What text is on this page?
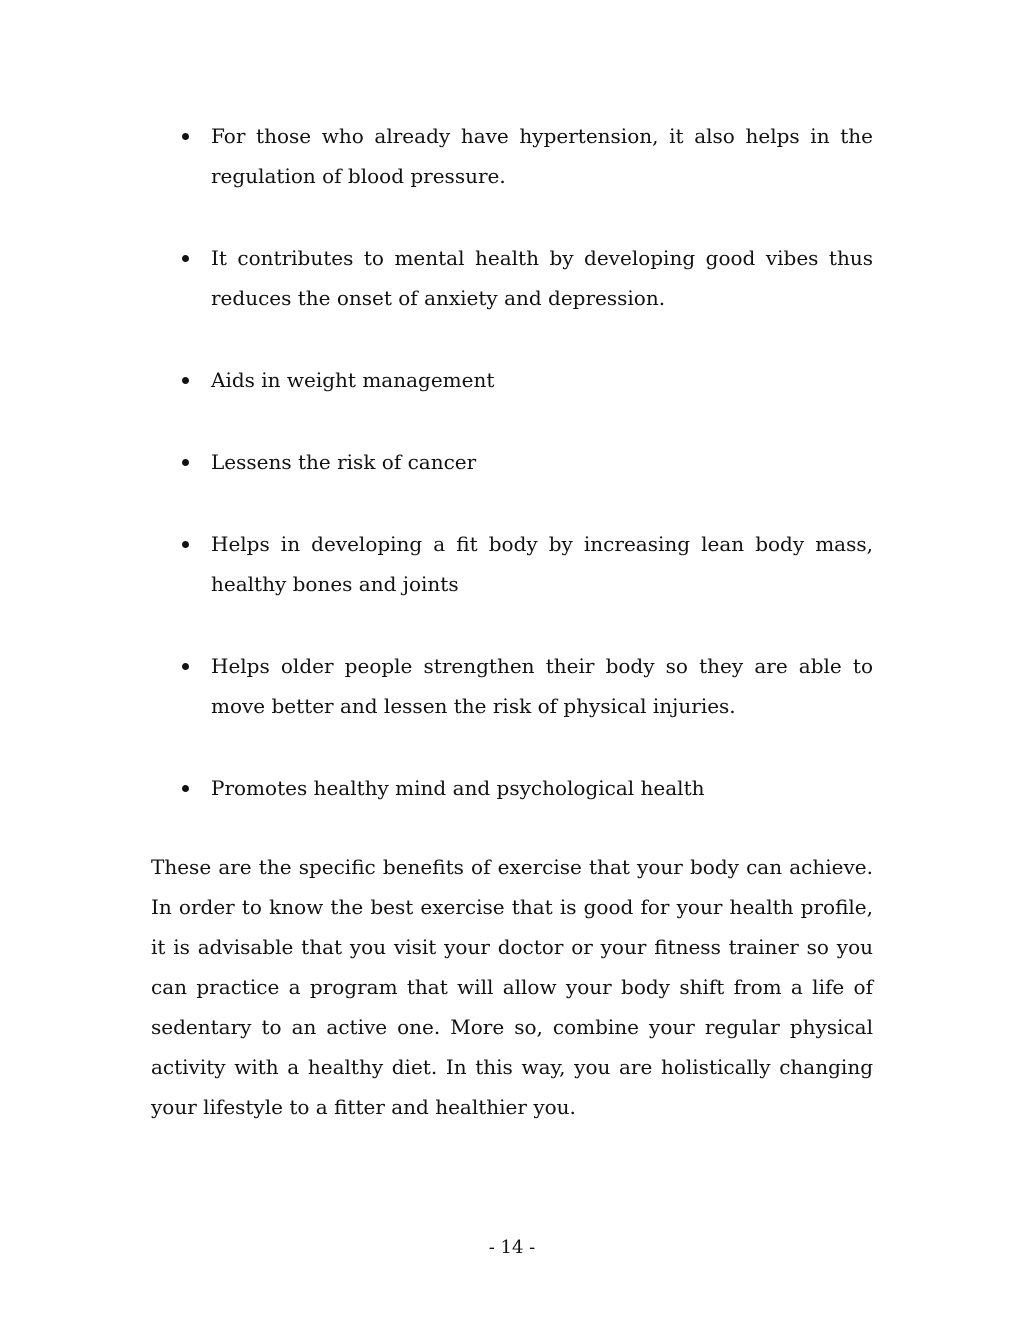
For those who already have hypertension, it also helps in the regulation of blood pressure.
It contributes to mental health by developing good vibes thus reduces the onset of anxiety and depression.
Aids in weight management
Lessens the risk of cancer
Helps in developing a fit body by increasing lean body mass, healthy bones and joints
Helps older people strengthen their body so they are able to move better and lessen the risk of physical injuries.
Promotes healthy mind and psychological health

These are the specific benefits of exercise that your body can achieve. In order to know the best exercise that is good for your health profile, it is advisable that you visit your doctor or your fitness trainer so you can practice a program that will allow your body shift from a life of sedentary to an active one. More so, combine your regular physical activity with a healthy diet. In this way, you are holistically changing your lifestyle to a fitter and healthier you.

- 14 -
